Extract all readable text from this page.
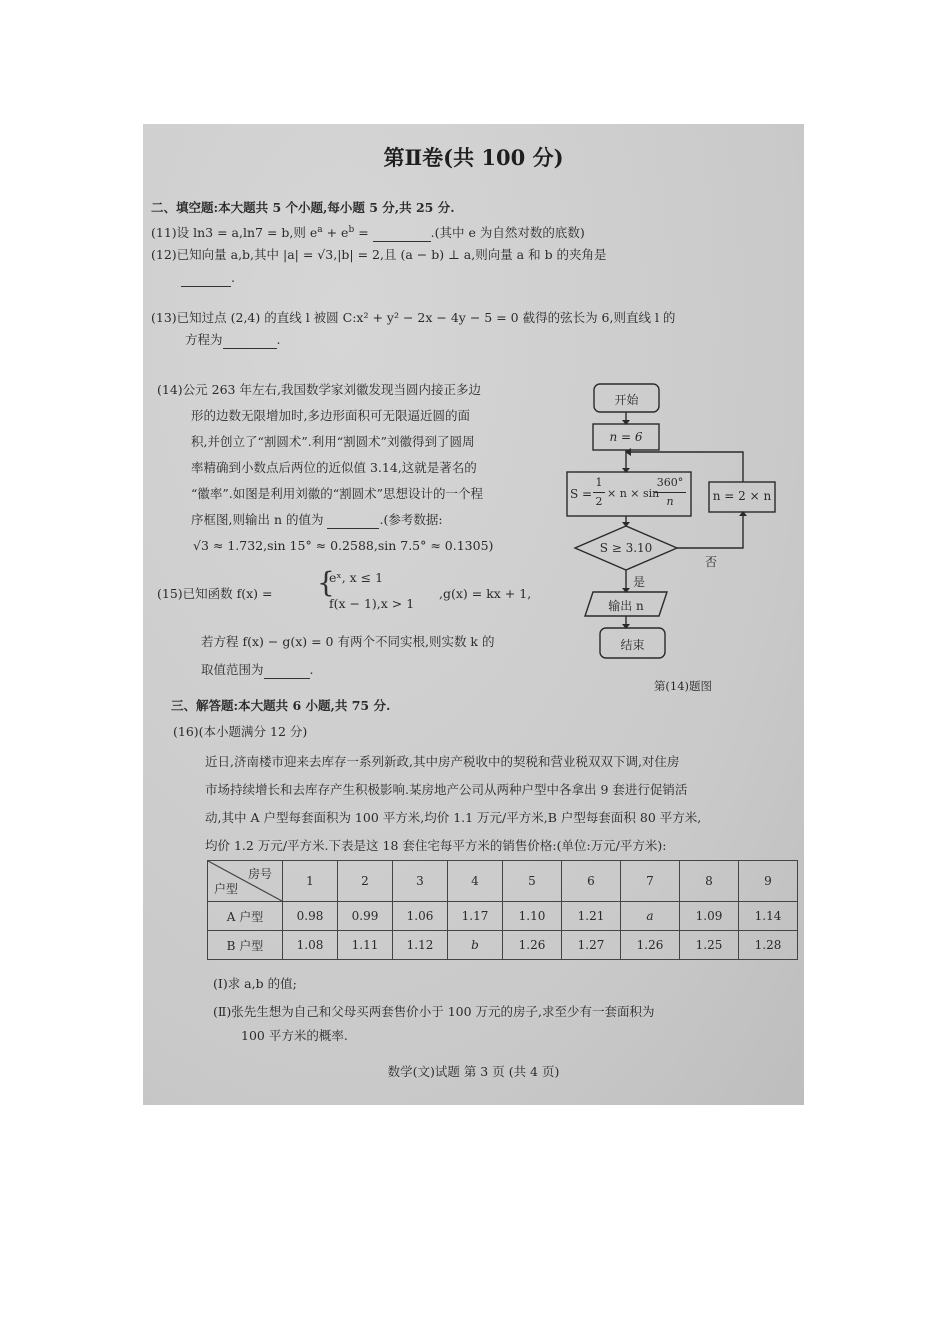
第Ⅱ卷(共 100 分)
二、填空题:本大题共 5 个小题,每小题 5 分,共 25 分.
(11)设 ln3 = a,ln7 = b,则 $e^a + e^b$ =	.(其中 e 为自然对数的底数)
(12)已知向量 a,b,其中 |a| = √3,|b| = 2,且 (a − b) ⊥ a,则向量 a 和 b 的夹角是
.
(13)已知过点 (2,4) 的直线 l 被圆 C:x² + y² − 2x − 4y − 5 = 0 截得的弦长为 6,则直线 l 的
方程为	.
(14)公元 263 年左右,我国数学家刘徽发现当圆内接正多边
形的边数无限增加时,多边形面积可无限逼近圆的面
积,并创立了“割圆术”.利用“割圆术”刘徽得到了圆周
率精确到小数点后两位的近似值 3.14,这就是著名的
“徽率”.如图是利用刘徽的“割圆术”思想设计的一个程
序框图,则输出 n 的值为	.(参考数据:
√3 ≈ 1.732,sin 15° ≈ 0.2588,sin 7.5° ≈ 0.1305)
(15)已知函数 f(x) = {
eˣ, x ≤ 1
f(x − 1),x > 1
,g(x) = kx + 1,
若方程 f(x) − g(x) = 0 有两个不同实根,则实数 k 的
取值范围为	.
开始
n = 6
S =
1
2
× n × sin
360°
n	n = 2 × n
S ≥ 3.10
否
是
输出 n
结束
第(14)题图
三、解答题:本大题共 6 小题,共 75 分.
(16)(本小题满分 12 分)
近日,济南楼市迎来去库存一系列新政,其中房产税收中的契税和营业税双双下调,对住房
市场持续增长和去库存产生积极影响.某房地产公司从两种户型中各拿出 9 套进行促销活
动,其中 A 户型每套面积为 100 平方米,均价 1.1 万元/平方米,B 户型每套面积 80 平方米,
均价 1.2 万元/平方米.下表是这 18 套住宅每平方米的销售价格:(单位:万元/平方米):
房号
户型	1	2	3	4	5	6	7	8	9
A 户型	0.98	0.99	1.06	1.17	1.10	1.21	a	1.09	1.14
B 户型	1.08	1.11	1.12	b	1.26	1.27	1.26	1.25	1.28
(Ⅰ)求 a,b 的值;
(Ⅱ)张先生想为自己和父母买两套售价小于 100 万元的房子,求至少有一套面积为
100 平方米的概率.
数学(文)试题 第 3 页 (共 4 页)
